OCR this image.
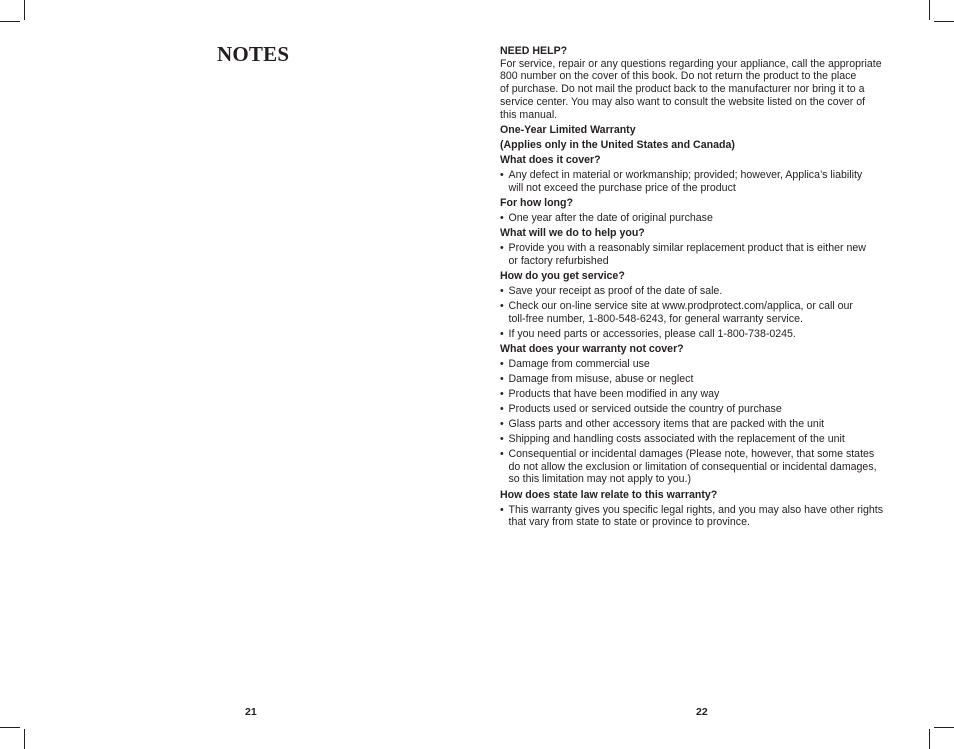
NOTES
21

NEED HELP?

For service, repair or any questions regarding your appliance, call the appropriate
800 number on the cover of this book. Do not return the product to the place
of purchase. Do not mail the product back to the manufacturer nor bring it to a
service center. You may also want to consult the website listed on the cover of
this manual.

One-Year Limited Warranty

(Applies only in the United States and Canada)

What does it cover?

• Any defect in material or workmanship; provided; however, Applica’s liability
will not exceed the purchase price of the product

For how long?

• One year after the date of original purchase

What will we do to help you?

• Provide you with a reasonably similar replacement product that is either new
or factory refurbished

How do you get service?

• Save your receipt as proof of the date of sale.
• Check our on-line service site at www.prodprotect.com/applica, or call our
toll-free number, 1-800-548-6243, for general warranty service.
• If you need parts or accessories, please call 1-800-738-0245.

What does your warranty not cover?

• Damage from commercial use
• Damage from misuse, abuse or neglect
• Products that have been modified in any way
• Products used or serviced outside the country of purchase
• Glass parts and other accessory items that are packed with the unit
• Shipping and handling costs associated with the replacement of the unit
• Consequential or incidental damages (Please note, however, that some states
do not allow the exclusion or limitation of consequential or incidental damages,
so this limitation may not apply to you.)

How does state law relate to this warranty?

• This warranty gives you specific legal rights, and you may also have other rights
that vary from state to state or province to province.
22
